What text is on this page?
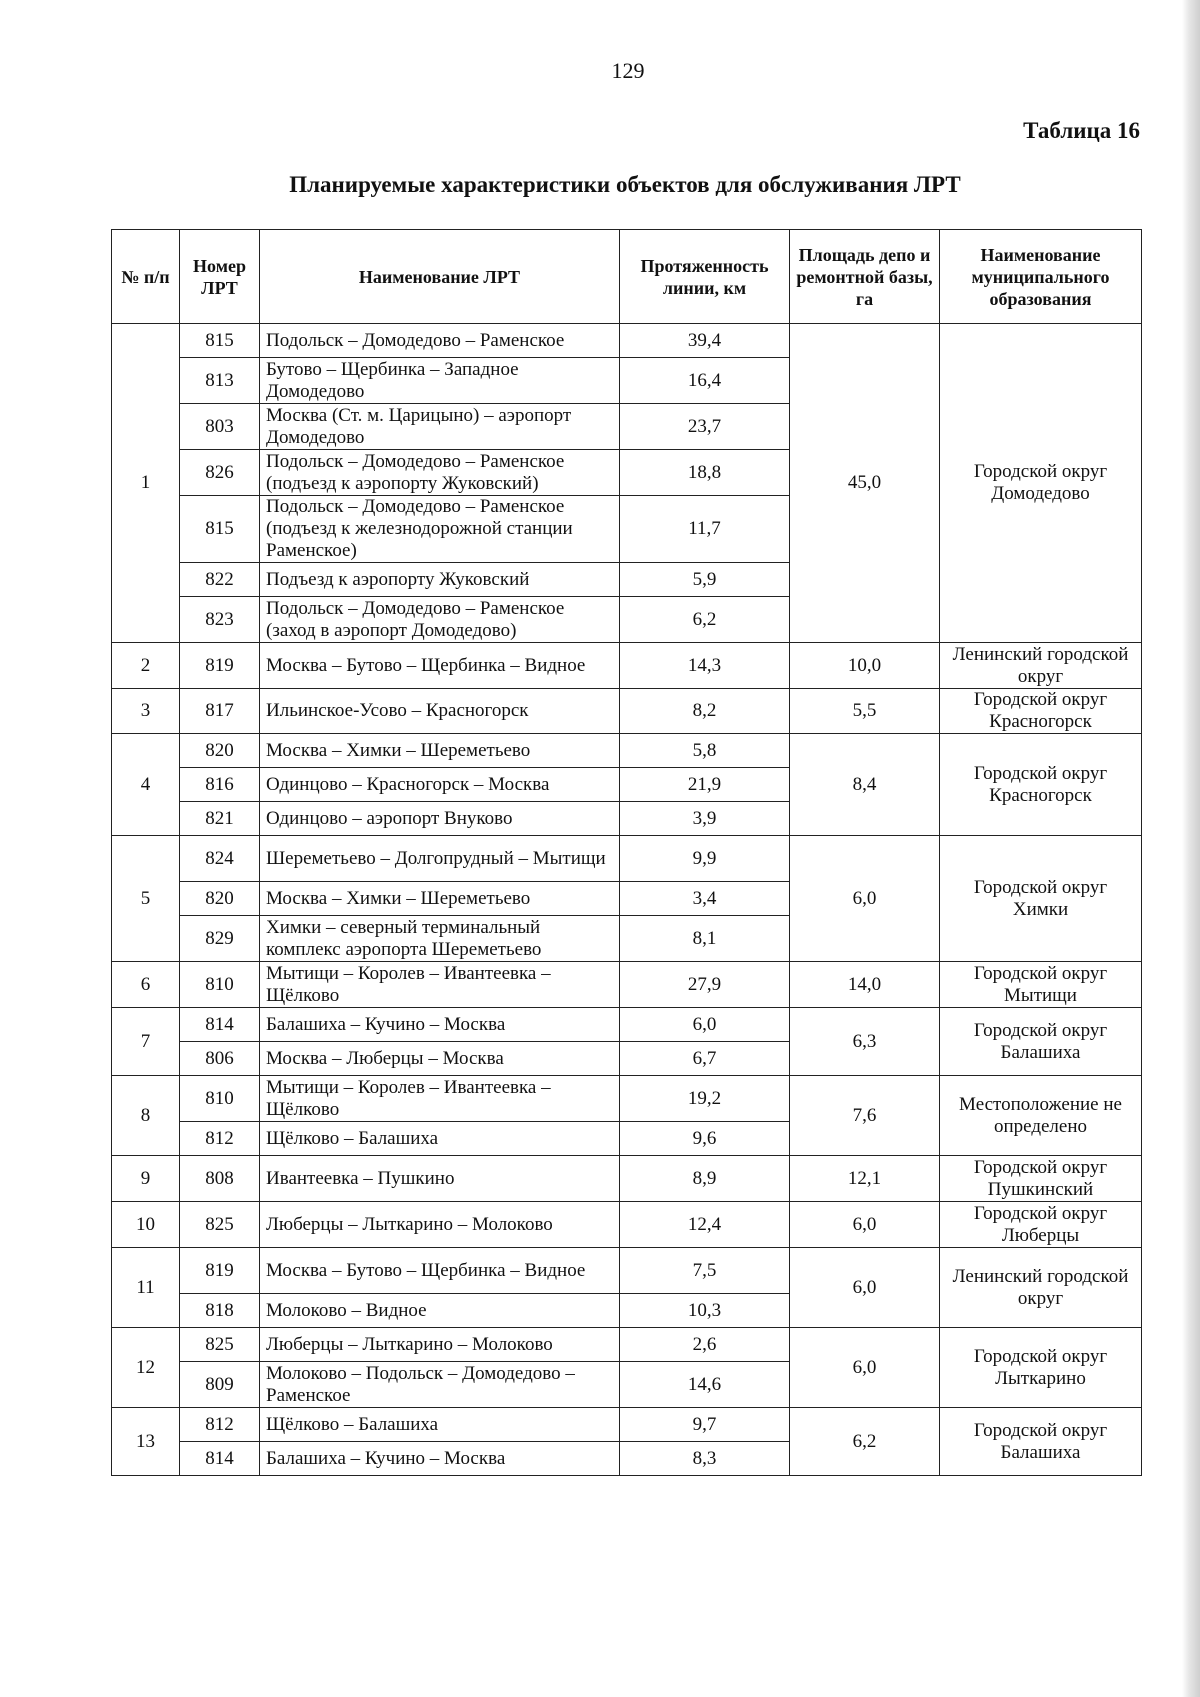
129
Таблица 16
Планируемые характеристики объектов для обслуживания ЛРТ
№ п/п	Номер ЛРТ	Наименование ЛРТ	Протяженность линии, км	Площадь депо и ремонтной базы, га	Наименование муниципального образования
1	815	Подольск – Домодедово – Раменское	39,4	45,0	Городской округ Домодедово
	813	Бутово – Щербинка – Западное Домодедово	16,4		
	803	Москва (Ст. м. Царицыно) – аэропорт Домодедово	23,7		
	826	Подольск – Домодедово – Раменское (подъезд к аэропорту Жуковский)	18,8		
	815	Подольск – Домодедово – Раменское (подъезд к железнодорожной станции Раменское)	11,7		
	822	Подъезд к аэропорту Жуковский	5,9		
	823	Подольск – Домодедово – Раменское (заход в аэропорт Домодедово)	6,2		
2	819	Москва – Бутово – Щербинка – Видное	14,3	10,0	Ленинский городской округ
3	817	Ильинское-Усово – Красногорск	8,2	5,5	Городской округ Красногорск
4	820	Москва – Химки – Шереметьево	5,8	8,4	Городской округ Красногорск
	816	Одинцово – Красногорск – Москва	21,9		
	821	Одинцово – аэропорт Внуково	3,9		
5	824	Шереметьево – Долгопрудный – Мытищи	9,9	6,0	Городской округ Химки
	820	Москва – Химки – Шереметьево	3,4		
	829	Химки – северный терминальный комплекс аэропорта Шереметьево	8,1		
6	810	Мытищи – Королев – Ивантеевка – Щёлково	27,9	14,0	Городской округ Мытищи
7	814	Балашиха – Кучино – Москва	6,0	6,3	Городской округ Балашиха
	806	Москва – Люберцы – Москва	6,7		
8	810	Мытищи – Королев – Ивантеевка – Щёлково	19,2	7,6	Местоположение не определено
	812	Щёлково – Балашиха	9,6		
9	808	Ивантеевка – Пушкино	8,9	12,1	Городской округ Пушкинский
10	825	Люберцы – Лыткарино – Молоково	12,4	6,0	Городской округ Люберцы
11	819	Москва – Бутово – Щербинка – Видное	7,5	6,0	Ленинский городской округ
	818	Молоково – Видное	10,3		
12	825	Люберцы – Лыткарино – Молоково	2,6	6,0	Городской округ Лыткарино
	809	Молоково – Подольск – Домодедово – Раменское	14,6		
13	812	Щёлково – Балашиха	9,7	6,2	Городской округ Балашиха
	814	Балашиха – Кучино – Москва	8,3		
